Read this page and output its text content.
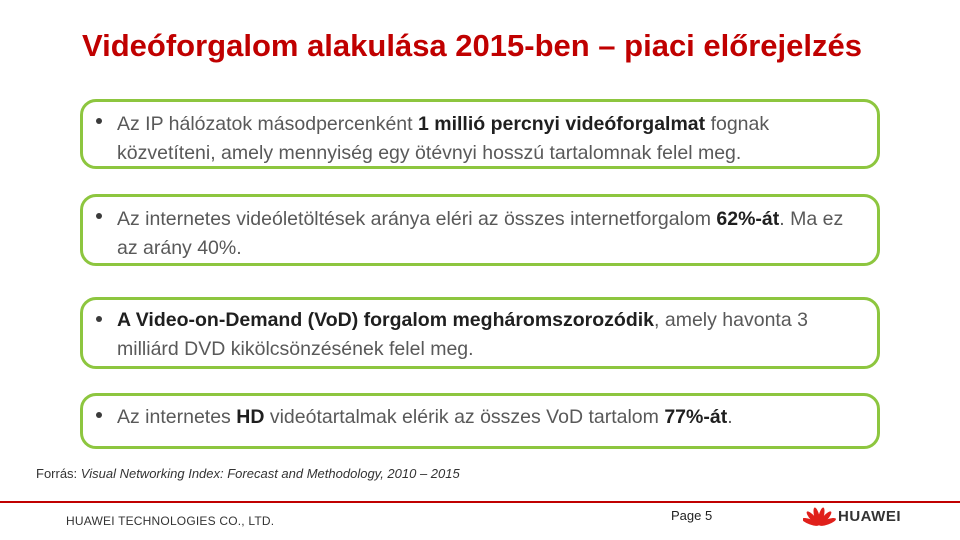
Videóforgalom alakulása 2015-ben – piaci előrejelzés
Az IP hálózatok másodpercenként 1 millió percnyi videóforgalmat fognak közvetíteni, amely mennyiség egy ötévnyi hosszú tartalomnak felel meg.
Az internetes videóletöltések aránya eléri az összes internetforgalom 62%-át. Ma ez az arány 40%.
A Video-on-Demand (VoD) forgalom megháromszorozódik, amely havonta 3 milliárd DVD kikölcsönzésének felel meg.
Az internetes HD videótartalmak elérik az összes VoD tartalom 77%-át.
Forrás: Visual Networking Index: Forecast and Methodology, 2010 – 2015
HUAWEI TECHNOLOGIES CO., LTD.	Page 5	HUAWEI
